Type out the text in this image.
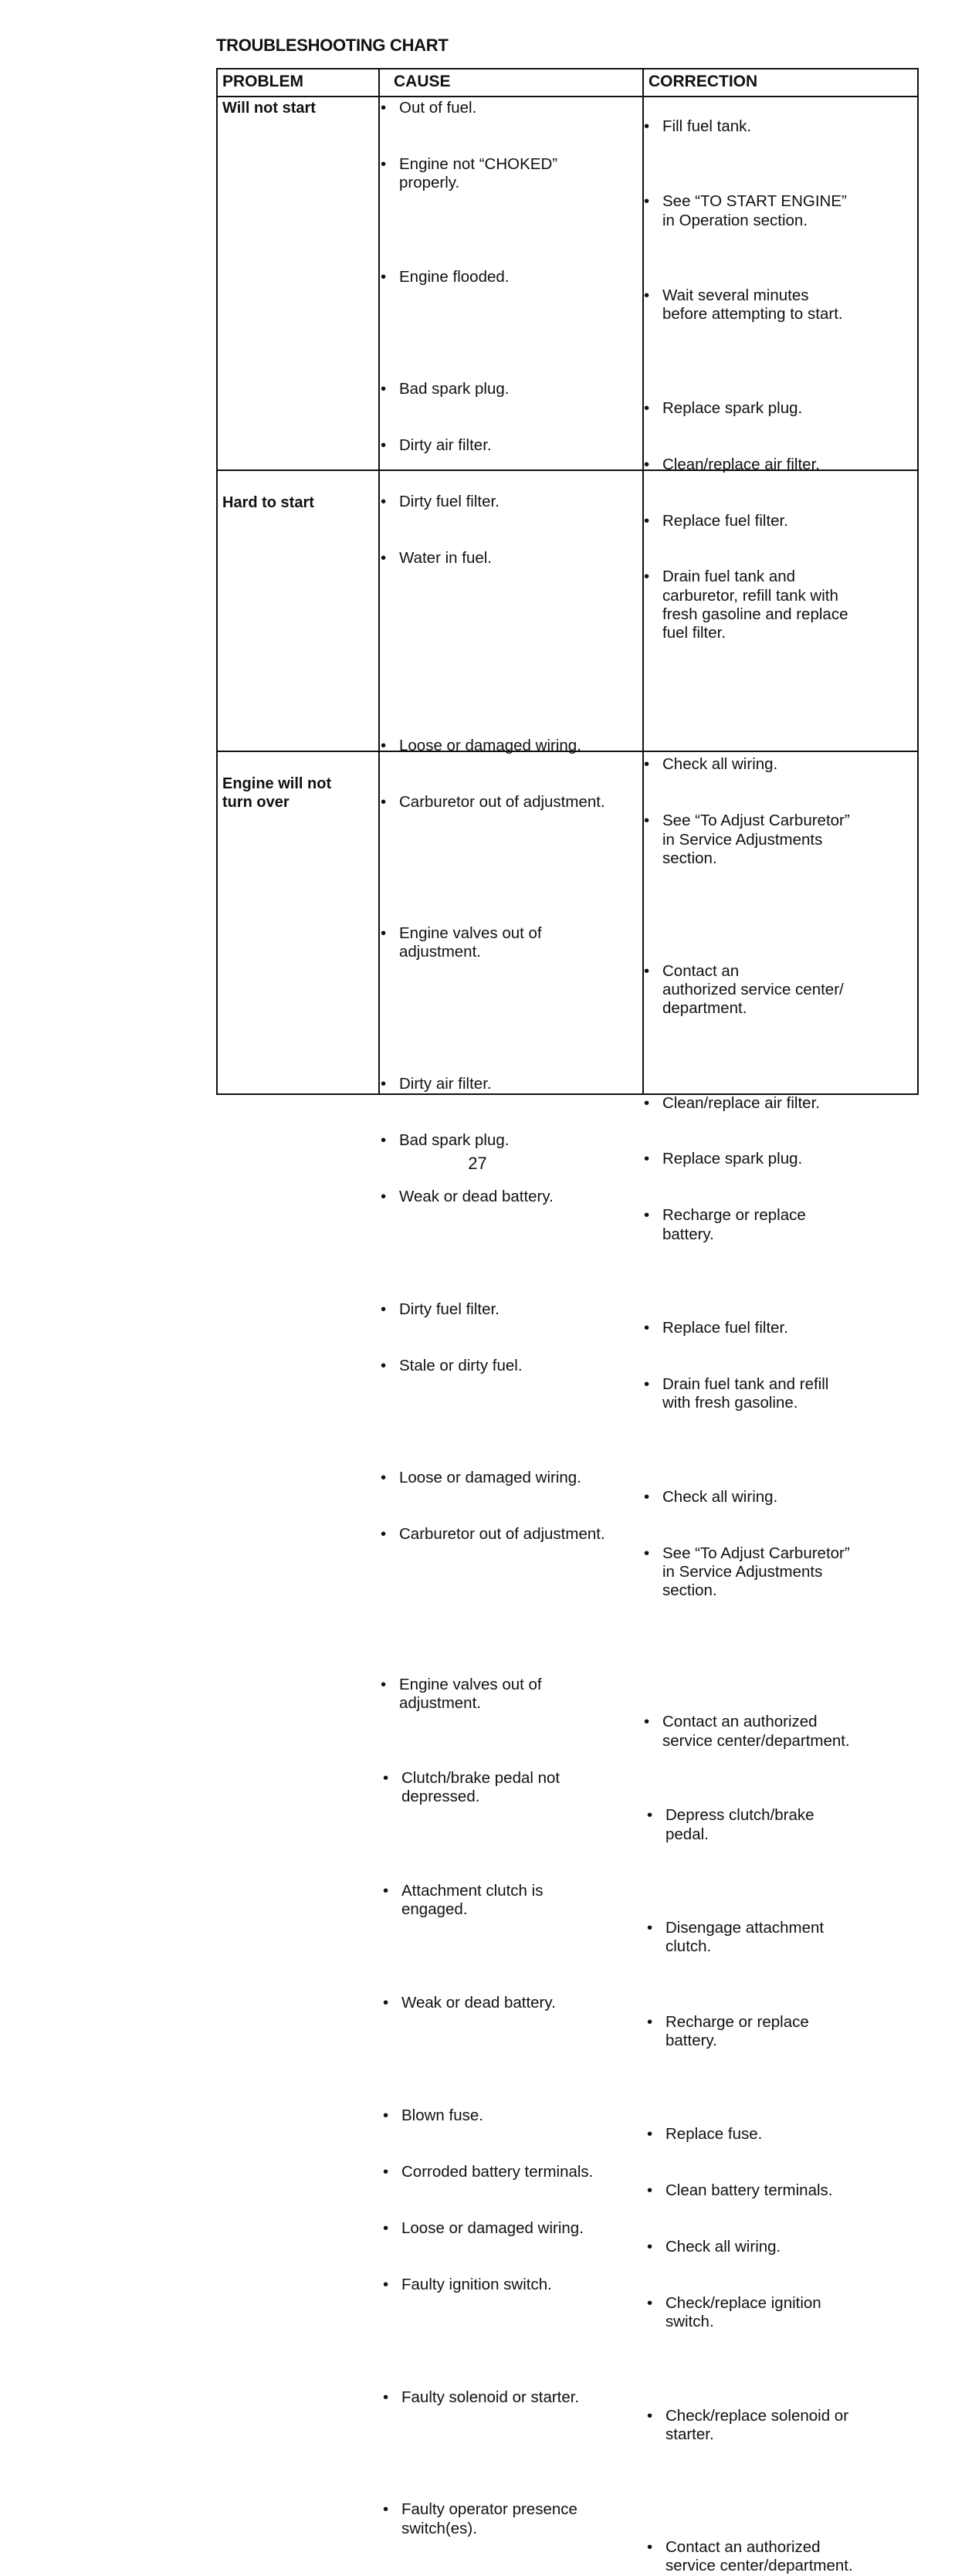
TROUBLESHOOTING CHART
PROBLEM	CAUSE	CORRECTION
Will not start
Hard to start
Engine will not turn over
• Out of fuel.
• Fill fuel tank.
• Engine not “CHOKED”
properly.
• See “TO START ENGINE”
in Operation section.
• Engine flooded.
• Wait several minutes
before attempting to start.
• Bad spark plug.
• Replace spark plug.
• Dirty air filter.
• Clean/replace air filter.
• Dirty fuel filter.
• Replace fuel filter.
• Water in fuel.
• Drain fuel tank and
carburetor, refill tank with
fresh gasoline and replace
fuel filter.
• Loose or damaged wiring.
• Check all wiring.
• Carburetor out of adjustment.
• See “To Adjust Carburetor”
in Service Adjustments
section.
• Engine valves out of
adjustment.
• Contact an
authorized service center/
department.
• Dirty air filter.
• Clean/replace air filter.
• Bad spark plug.
• Replace spark plug.
• Weak or dead battery.
• Recharge or replace
battery.
• Dirty fuel filter.
• Replace fuel filter.
• Stale or dirty fuel.
• Drain fuel tank and refill
with fresh gasoline.
• Loose or damaged wiring.
• Check all wiring.
• Carburetor out of adjustment.
• See “To Adjust Carburetor”
in Service Adjustments
section.
• Engine valves out of
adjustment.
• Contact an authorized
service center/department.
• Clutch/brake pedal not
depressed.
• Depress clutch/brake
pedal.
• Attachment clutch is
engaged.
• Disengage attachment
clutch.
• Weak or dead battery.
• Recharge or replace
battery.
• Blown fuse.
• Replace fuse.
• Corroded battery terminals.
• Clean battery terminals.
• Loose or damaged wiring.
• Check all wiring.
• Faulty ignition switch.
• Check/replace ignition
switch.
• Faulty solenoid or starter.
• Check/replace solenoid or
starter.
• Faulty operator presence
switch(es).
• Contact an authorized
service center/department.
27
